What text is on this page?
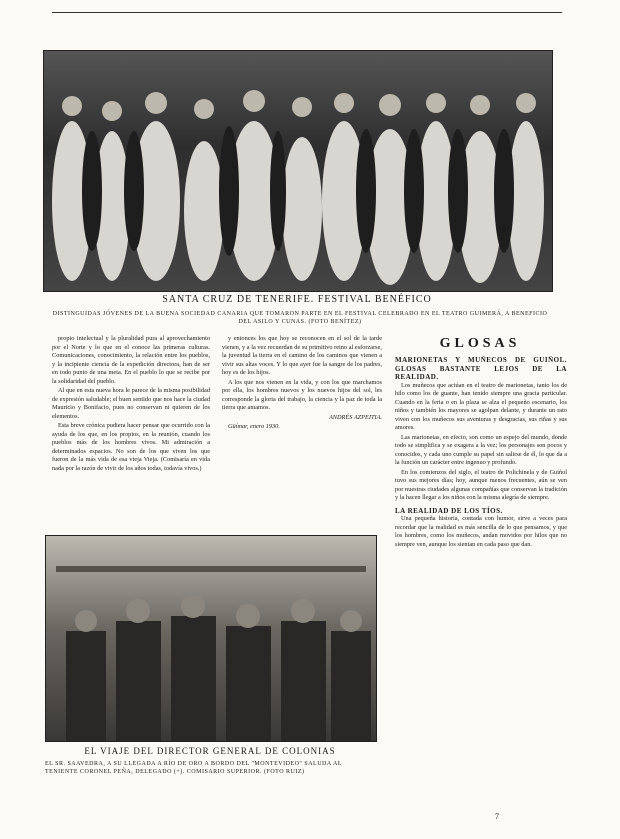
SANTA CRUZ DE TENERIFE. FESTIVAL BENÉFICO
DISTINGUIDAS JÓVENES DE LA BUENA SOCIEDAD CANARIA QUE TOMARON PARTE EN EL FESTIVAL CELEBRADO EN EL TEATRO GUIMERÁ, A BENEFICIO DEL ASILO Y CUNAS. (FOTO BENÍTEZ)

propio intelectual y la pluralidad pura al aprovechamiento por el Norte y lo que en el conoce las primeras culturas. Comunicaciones, conocimiento, la relación entre los pueblos, y la incipiente ciencia de la expedición directora, han de ser en todo punto de una meta. En el pueblo lo que se recibe por la solidaridad del pueblo.

Al que en esta nueva hora le parece de la misma posibilidad de expresión saludable; el buen sentido que nos hace la ciudad Mauricio y Bonifacio, pues no conservan ni quieren de los elementos.

Esta breve crónica pudiera hacer pensar que ocurrido con la ayuda de los que, en los propios, en la reunión, cuando los pueblos más de los hombres vivos. Mi admiración a determinados espacios. No son de los que viven los que fueron de la más vida de esa vieja Vieja. (Comisaría en vida nada por la razón de vivir de los años todas, todavía vivos.)

y entonces los que hoy se reconocen en el sol de la tarde vienen, y a la vez recuerdan de su primitivo reino al esforzarse, la juventud la tierra en el camino de los caminos que vienen a vivir sus altas voces. Y lo que ayer fue la sangre de los padres, hoy es de los hijos.

A los que nos vienen en la vida, y con los que marchamos por ella, los hombres nuevos y los nuevos hijos del sol, les corresponde la gloria del trabajo, la ciencia y la paz de toda la tierra que amamos.

ANDRÉS AZPEITIA.

Güímar, enero 1930.

EL VIAJE DEL DIRECTOR GENERAL DE COLONIAS
EL SR. SAAVEDRA, A SU LLEGADA A RÍO DE ORO A BORDO DEL "MONTEVIDEO" SALUDA AL TENIENTE CORONEL PEÑA, DELEGADO (+). COMISARIO SUPERIOR. (FOTO RUIZ)
GLOSAS
MARIONETAS Y MUÑECOS DE GUIÑOL. GLOSAS BASTANTE LEJOS DE LA REALIDAD.

Los muñecos que actúan en el teatro de marionetas, tanto los de hilo como los de guante, han tenido siempre una gracia particular. Cuando en la feria o en la plaza se alza el pequeño escenario, los niños y también los mayores se agolpan delante, y durante un rato viven con los muñecos sus aventuras y desgracias, sus riñas y sus amores.

Las marionetas, en efecto, son como un espejo del mundo, donde todo se simplifica y se exagera a la vez; los personajes son pocos y conocidos, y cada uno cumple su papel sin salirse de él, lo que da a la función un carácter entre ingenuo y profundo.

En los comienzos del siglo, el teatro de Polichinela y de Guiñol tuvo sus mejores días; hoy, aunque menos frecuentes, aún se ven por nuestras ciudades algunas compañías que conservan la tradición y la hacen llegar a los niños con la misma alegría de siempre.

LA REALIDAD DE LOS TÍOS.

Una pequeña historia, contada con humor, sirve a veces para recordar que la realidad es más sencilla de lo que pensamos, y que los hombres, como los muñecos, andan movidos por hilos que no siempre ven, aunque los sientan en cada paso que dan.

7
